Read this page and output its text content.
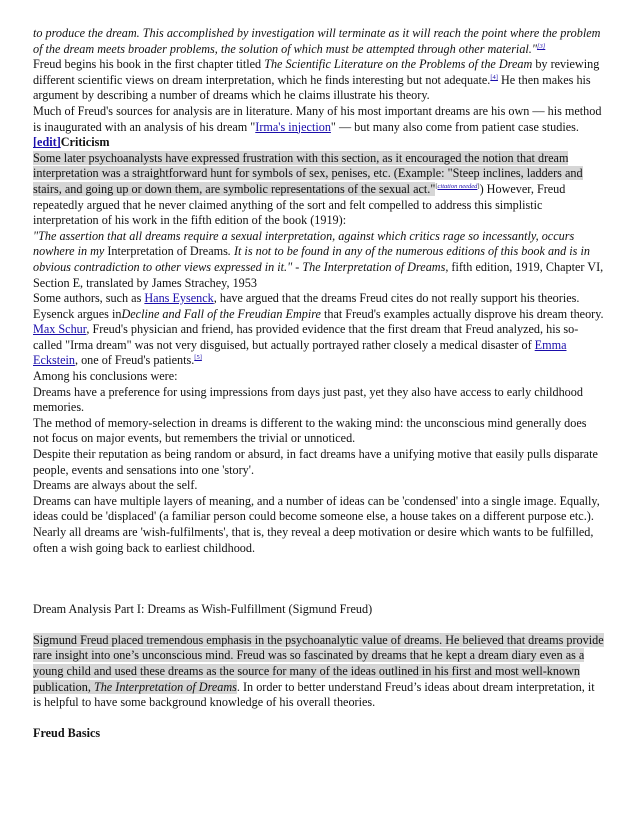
to produce the dream. This accomplished by investigation will terminate as it will reach the point where the problem of the dream meets broader problems, the solution of which must be attempted through other material."[3]

Freud begins his book in the first chapter titled The Scientific Literature on the Problems of the Dream by reviewing different scientific views on dream interpretation, which he finds interesting but not adequate.[4] He then makes his argument by describing a number of dreams which he claims illustrate his theory.

Much of Freud's sources for analysis are in literature. Many of his most important dreams are his own — his method is inaugurated with an analysis of his dream "Irma's injection" — but many also come from patient case studies.

[edit]Criticism

Some later psychoanalysts have expressed frustration with this section, as it encouraged the notion that dream interpretation was a straightforward hunt for symbols of sex, penises, etc. (Example: "Steep inclines, ladders and stairs, and going up or down them, are symbolic representations of the sexual act."[citation needed]) However, Freud repeatedly argued that he never claimed anything of the sort and felt compelled to address this simplistic interpretation of his work in the fifth edition of the book (1919):

"The assertion that all dreams require a sexual interpretation, against which critics rage so incessantly, occurs nowhere in my Interpretation of Dreams. It is not to be found in any of the numerous editions of this book and is in obvious contradiction to other views expressed in it." - The Interpretation of Dreams, fifth edition, 1919, Chapter VI, Section E, translated by James Strachey, 1953

Some authors, such as Hans Eysenck, have argued that the dreams Freud cites do not really support his theories.

Eysenck argues inDecline and Fall of the Freudian Empire that Freud's examples actually disprove his dream theory. Max Schur, Freud's physician and friend, has provided evidence that the first dream that Freud analyzed, his so-called "Irma dream" was not very disguised, but actually portrayed rather closely a medical disaster of Emma Eckstein, one of Freud's patients.[5]

Among his conclusions were:

Dreams have a preference for using impressions from days just past, yet they also have access to early childhood memories.

The method of memory-selection in dreams is different to the waking mind: the unconscious mind generally does not focus on major events, but remembers the trivial or unnoticed.

Despite their reputation as being random or absurd, in fact dreams have a unifying motive that easily pulls disparate people, events and sensations into one 'story'.

Dreams are always about the self.

Dreams can have multiple layers of meaning, and a number of ideas can be 'condensed' into a single image. Equally, ideas could be 'displaced' (a familiar person could become someone else, a house takes on a different purpose etc.).

Nearly all dreams are 'wish-fulfilments', that is, they reveal a deep motivation or desire which wants to be fulfilled, often a wish going back to earliest childhood.

Dream Analysis Part I: Dreams as Wish-Fulfillment (Sigmund Freud)

Sigmund Freud placed tremendous emphasis in the psychoanalytic value of dreams. He believed that dreams provide rare insight into one’s unconscious mind. Freud was so fascinated by dreams that he kept a dream diary even as a young child and used these dreams as the source for many of the ideas outlined in his first and most well-known publication, The Interpretation of Dreams. In order to better understand Freud’s ideas about dream interpretation, it is helpful to have some background knowledge of his overall theories.

Freud Basics
